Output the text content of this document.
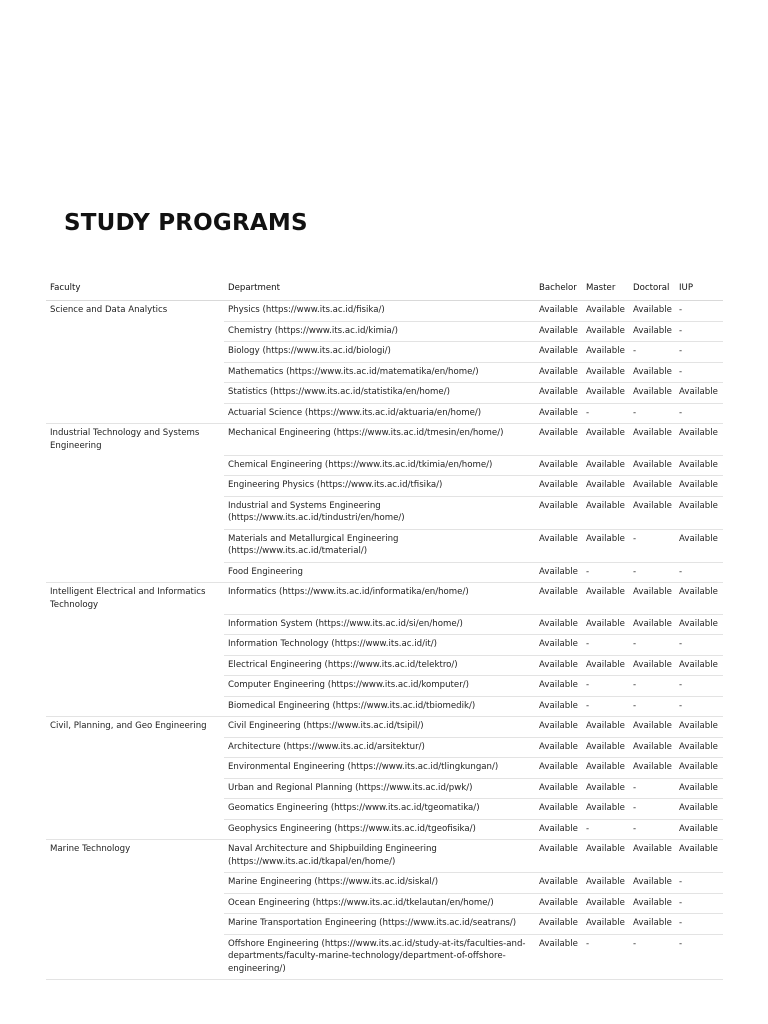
STUDY PROGRAMS
Faculty	Department	Bachelor	Master	Doctoral	IUP
Science and Data Analytics	Physics (https://www.its.ac.id/fisika/)	Available	Available	Available	-
	Chemistry (https://www.its.ac.id/kimia/)	Available	Available	Available	-
	Biology (https://www.its.ac.id/biologi/)	Available	Available	-	-
	Mathematics (https://www.its.ac.id/matematika/en/home/)	Available	Available	Available	-
	Statistics (https://www.its.ac.id/statistika/en/home/)	Available	Available	Available	Available
	Actuarial Science (https://www.its.ac.id/aktuaria/en/home/)	Available	-	-	-
Industrial Technology and Systems Engineering	Mechanical Engineering (https://www.its.ac.id/tmesin/en/home/)	Available	Available	Available	Available
	Chemical Engineering (https://www.its.ac.id/tkimia/en/home/)	Available	Available	Available	Available
	Engineering Physics (https://www.its.ac.id/tfisika/)	Available	Available	Available	Available
	Industrial and Systems Engineering (https://www.its.ac.id/tindustri/en/home/)	Available	Available	Available	Available
	Materials and Metallurgical Engineering (https://www.its.ac.id/tmaterial/)	Available	Available	-	Available
	Food Engineering	Available	-	-	-
Intelligent Electrical and Informatics Technology	Informatics (https://www.its.ac.id/informatika/en/home/)	Available	Available	Available	Available
	Information System (https://www.its.ac.id/si/en/home/)	Available	Available	Available	Available
	Information Technology (https://www.its.ac.id/it/)	Available	-	-	-
	Electrical Engineering (https://www.its.ac.id/telektro/)	Available	Available	Available	Available
	Computer Engineering (https://www.its.ac.id/komputer/)	Available	-	-	-
	Biomedical Engineering (https://www.its.ac.id/tbiomedik/)	Available	-	-	-
Civil, Planning, and Geo Engineering	Civil Engineering (https://www.its.ac.id/tsipil/)	Available	Available	Available	Available
	Architecture (https://www.its.ac.id/arsitektur/)	Available	Available	Available	Available
	Environmental Engineering (https://www.its.ac.id/tlingkungan/)	Available	Available	Available	Available
	Urban and Regional Planning (https://www.its.ac.id/pwk/)	Available	Available	-	Available
	Geomatics Engineering (https://www.its.ac.id/tgeomatika/)	Available	Available	-	Available
	Geophysics Engineering (https://www.its.ac.id/tgeofisika/)	Available	-	-	Available
Marine Technology	Naval Architecture and Shipbuilding Engineering (https://www.its.ac.id/tkapal/en/home/)	Available	Available	Available	Available
	Marine Engineering (https://www.its.ac.id/siskal/)	Available	Available	Available	-
	Ocean Engineering (https://www.its.ac.id/tkelautan/en/home/)	Available	Available	Available	-
	Marine Transportation Engineering (https://www.its.ac.id/seatrans/)	Available	Available	Available	-
	Offshore Engineering (https://www.its.ac.id/study-at-its/faculties-and-departments/faculty-marine-technology/department-of-offshore-engineering/)	Available	-	-	-
